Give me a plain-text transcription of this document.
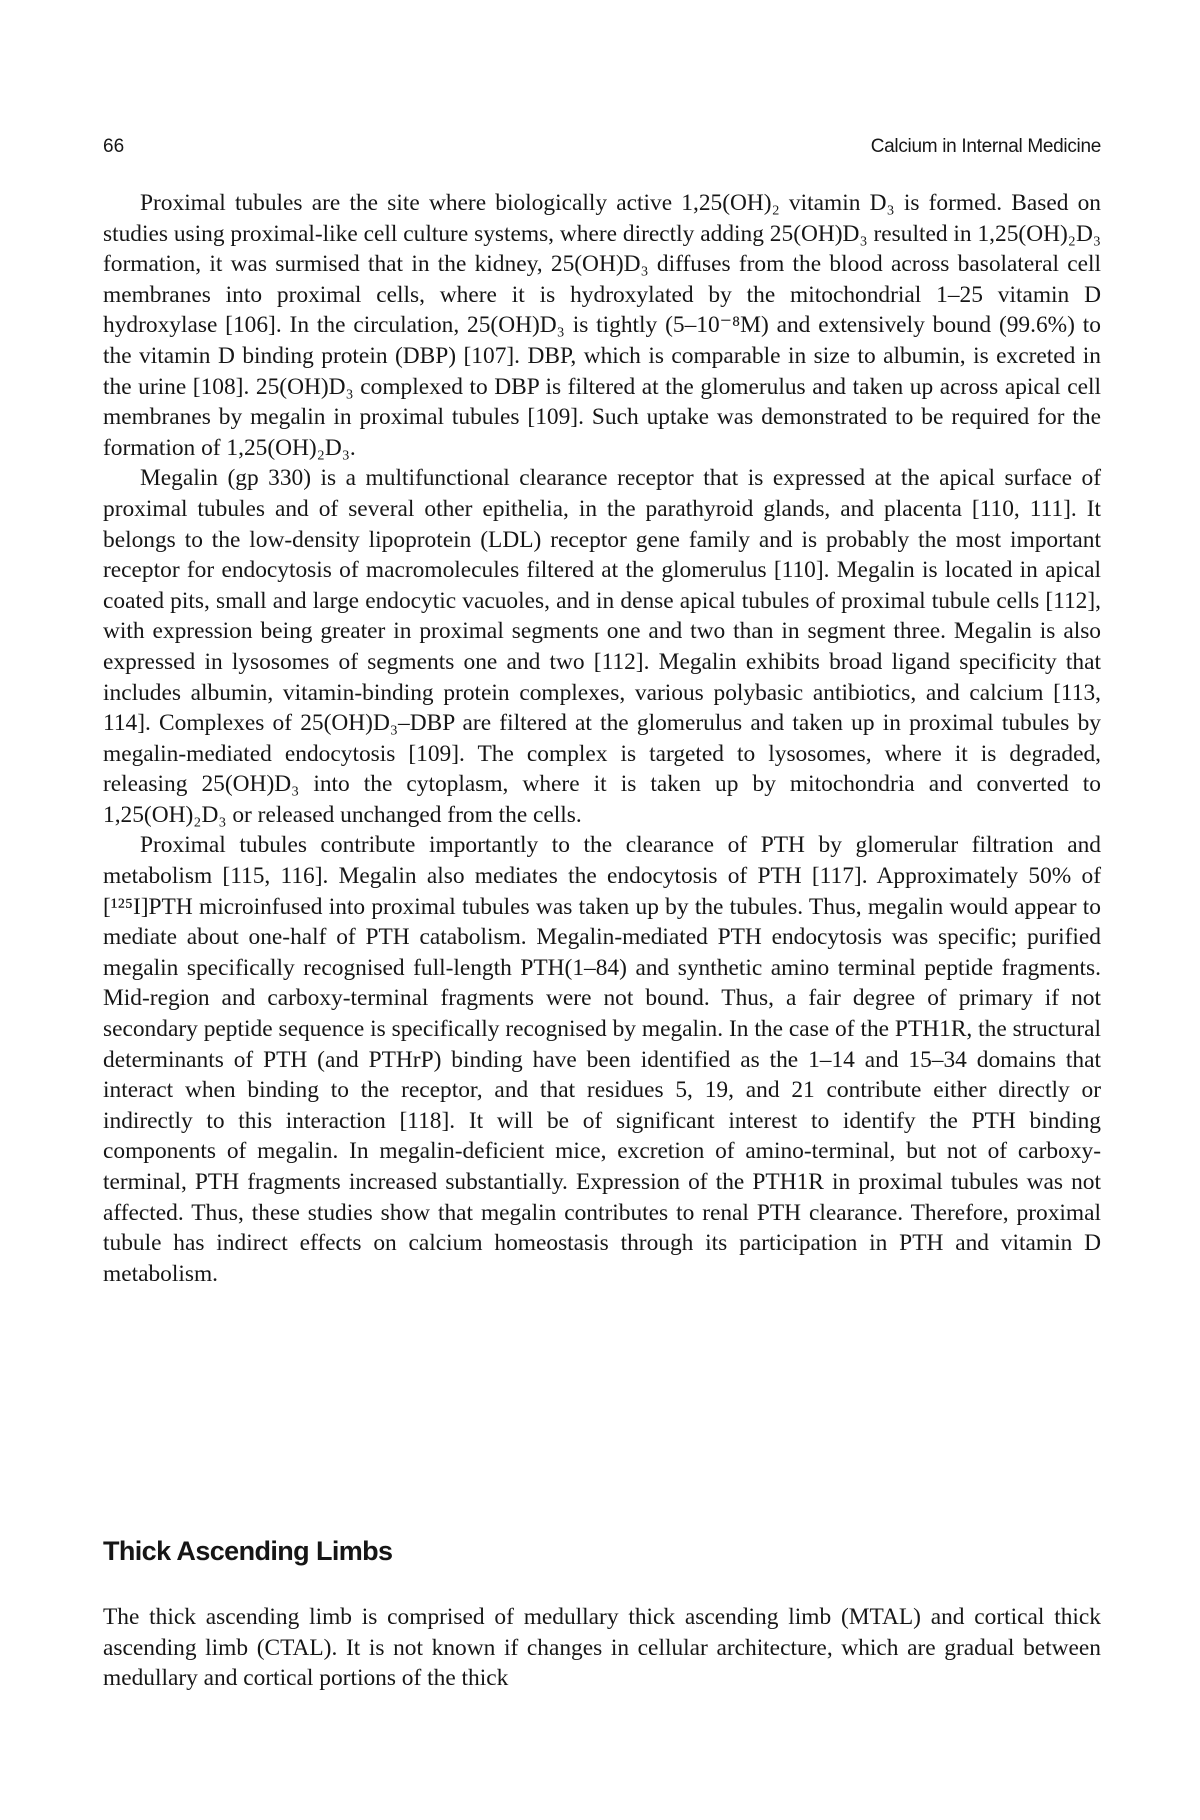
66	Calcium in Internal Medicine

Proximal tubules are the site where biologically active 1,25(OH)₂ vitamin D₃ is formed. Based on studies using proximal-like cell culture systems, where directly adding 25(OH)D₃ resulted in 1,25(OH)₂D₃ formation, it was surmised that in the kidney, 25(OH)D₃ diffuses from the blood across basolateral cell membranes into proximal cells, where it is hydroxylated by the mitochondrial 1–25 vitamin D hydroxylase [106]. In the circulation, 25(OH)D₃ is tightly (5–10⁻⁸M) and extensively bound (99.6%) to the vitamin D binding protein (DBP) [107]. DBP, which is comparable in size to albumin, is excreted in the urine [108]. 25(OH)D₃ complexed to DBP is filtered at the glomerulus and taken up across apical cell membranes by megalin in proximal tubules [109]. Such uptake was demonstrated to be required for the formation of 1,25(OH)₂D₃.

Megalin (gp 330) is a multifunctional clearance receptor that is expressed at the apical surface of proximal tubules and of several other epithelia, in the parathyroid glands, and placenta [110, 111]. It belongs to the low-density lipoprotein (LDL) receptor gene family and is probably the most important receptor for endocytosis of macromolecules filtered at the glomerulus [110]. Megalin is located in apical coated pits, small and large endocytic vacuoles, and in dense apical tubules of proximal tubule cells [112], with expression being greater in proximal segments one and two than in segment three. Megalin is also expressed in lysosomes of segments one and two [112]. Megalin exhibits broad ligand specificity that includes albumin, vitamin-binding protein complexes, various polybasic antibiotics, and calcium [113, 114]. Complexes of 25(OH)D₃–DBP are filtered at the glomerulus and taken up in proximal tubules by megalin-mediated endocytosis [109]. The complex is targeted to lysosomes, where it is degraded, releasing 25(OH)D₃ into the cytoplasm, where it is taken up by mitochondria and converted to 1,25(OH)₂D₃ or released unchanged from the cells.

Proximal tubules contribute importantly to the clearance of PTH by glomerular filtration and metabolism [115, 116]. Megalin also mediates the endocytosis of PTH [117]. Approximately 50% of [¹²⁵I]PTH microinfused into proximal tubules was taken up by the tubules. Thus, megalin would appear to mediate about one-half of PTH catabolism. Megalin-mediated PTH endocytosis was specific; purified megalin specifically recognised full-length PTH(1–84) and synthetic amino terminal peptide fragments. Mid-region and carboxy-terminal fragments were not bound. Thus, a fair degree of primary if not secondary peptide sequence is specifically recognised by megalin. In the case of the PTH1R, the structural determinants of PTH (and PTHrP) binding have been identified as the 1–14 and 15–34 domains that interact when binding to the receptor, and that residues 5, 19, and 21 contribute either directly or indirectly to this interaction [118]. It will be of significant interest to identify the PTH binding components of megalin. In megalin-deficient mice, excretion of amino-terminal, but not of carboxy-terminal, PTH fragments increased substantially. Expression of the PTH1R in proximal tubules was not affected. Thus, these studies show that megalin contributes to renal PTH clearance. Therefore, proximal tubule has indirect effects on calcium homeostasis through its participation in PTH and vitamin D metabolism.

Thick Ascending Limbs

The thick ascending limb is comprised of medullary thick ascending limb (MTAL) and cortical thick ascending limb (CTAL). It is not known if changes in cellular architecture, which are gradual between medullary and cortical portions of the thick
